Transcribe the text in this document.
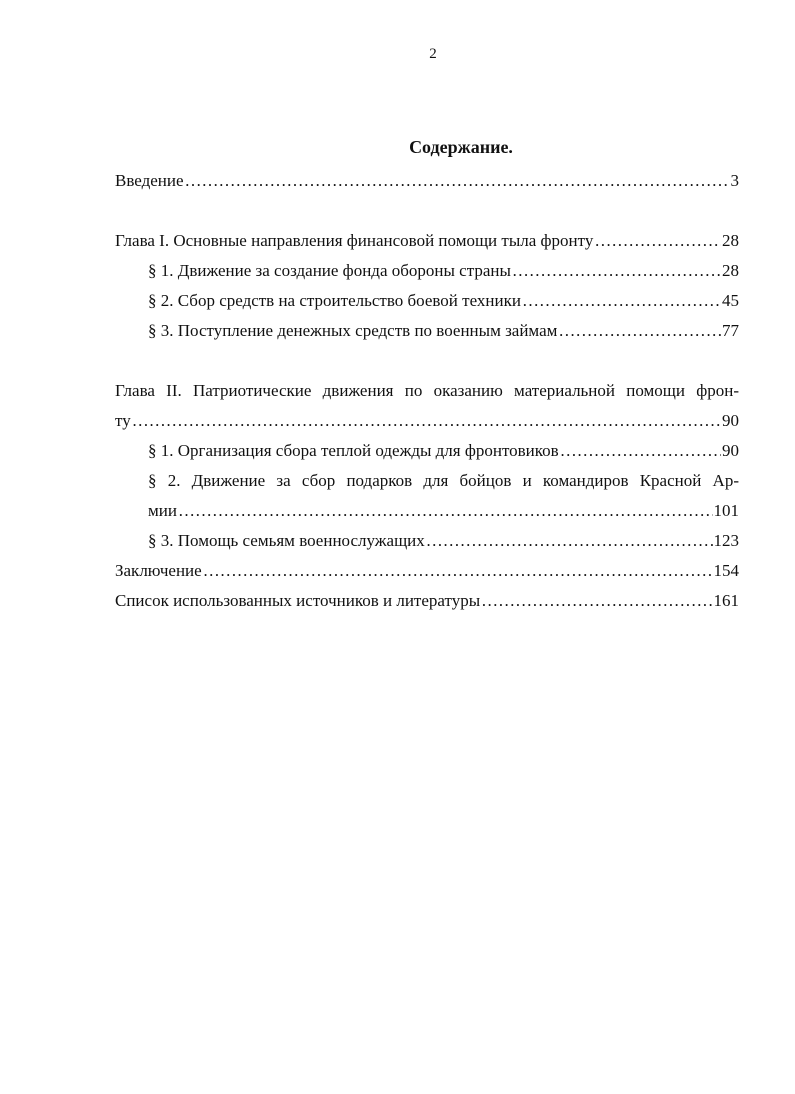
2
Содержание.
Введение …………………………………………………………………………………………………………………………………………………………………………	3
Глава I. Основные направления финансовой помощи тыла фронту …………………………………………………………………………………………………………………………………………………………………………	28
§ 1. Движение за создание фонда обороны страны …………………………………………………………………………………………………………………………………………………………………………	28
§ 2. Сбор средств на строительство боевой техники …………………………………………………………………………………………………………………………………………………………………………	45
§ 3. Поступление денежных средств по военным займам …………………………………………………………………………………………………………………………………………………………………………	77
Глава II. Патриотические движения по оказанию материальной помощи фрон-
ту …………………………………………………………………………………………………………………………………………………………………………	90
§ 1. Организация сбора теплой одежды для фронтовиков …………………………………………………………………………………………………………………………………………………………………………	90
§ 2. Движение за сбор подарков для бойцов и командиров Красной Ар-
мии …………………………………………………………………………………………………………………………………………………………………………	101
§ 3. Помощь семьям военнослужащих …………………………………………………………………………………………………………………………………………………………………………	123
Заключение …………………………………………………………………………………………………………………………………………………………………………	154
Список использованных источников и литературы …………………………………………………………………………………………………………………………………………………………………………	161
